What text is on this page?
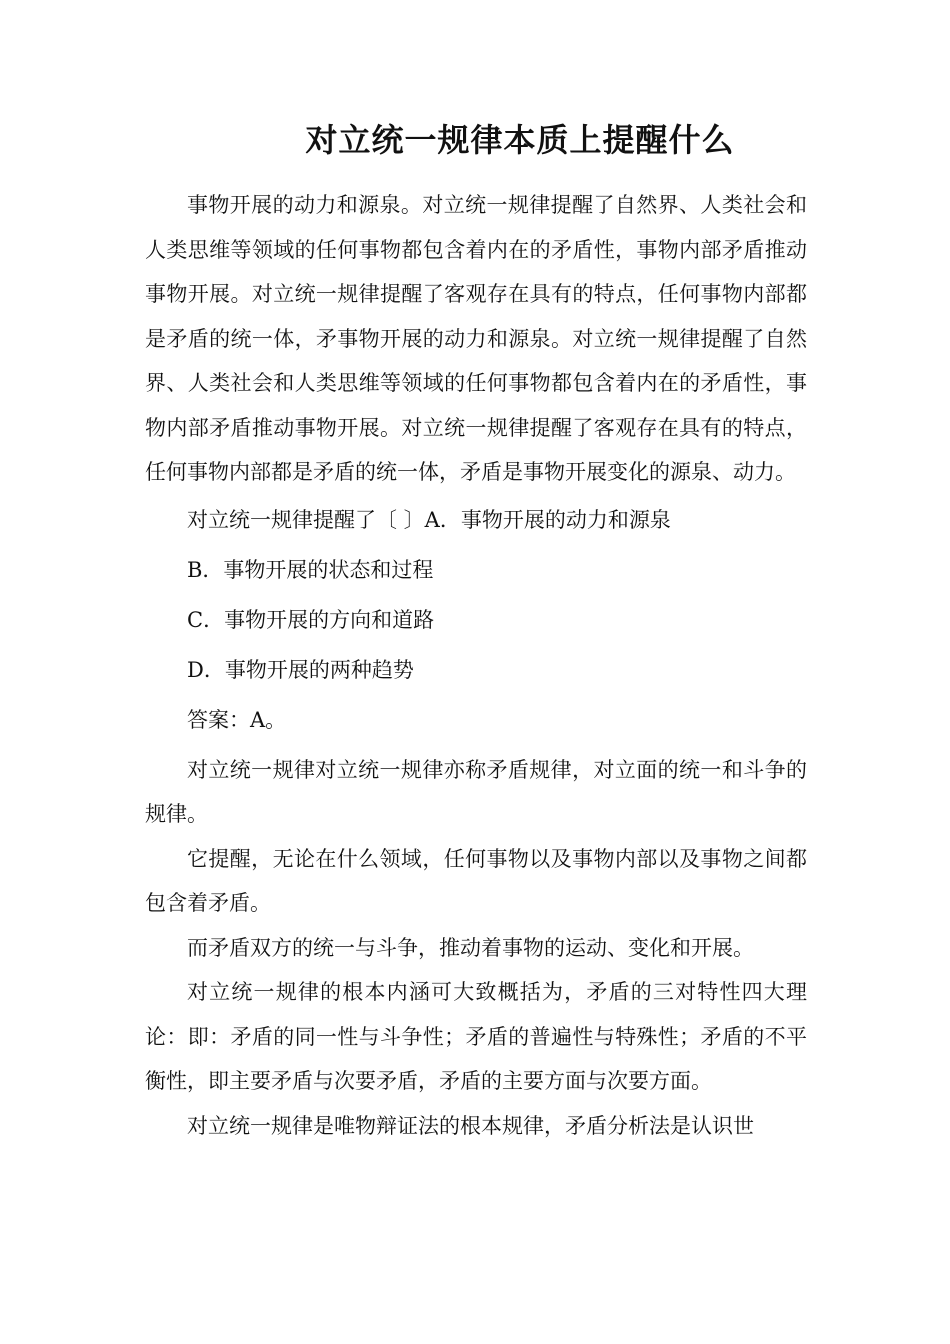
对立统一规律本质上提醒什么

事物开展的动力和源泉。对立统一规律提醒了自然界、人类社会和人类思维等领域的任何事物都包含着内在的矛盾性，事物内部矛盾推动事物开展。对立统一规律提醒了客观存在具有的特点，任何事物内部都是矛盾的统一体，矛事物开展的动力和源泉。对立统一规律提醒了自然界、人类社会和人类思维等领域的任何事物都包含着内在的矛盾性，事物内部矛盾推动事物开展。对立统一规律提醒了客观存在具有的特点，任何事物内部都是矛盾的统一体，矛盾是事物开展变化的源泉、动力。

对立统一规律提醒了〔 〕A．事物开展的动力和源泉

B．事物开展的状态和过程

C．事物开展的方向和道路

D．事物开展的两种趋势

答案：A。

对立统一规律对立统一规律亦称矛盾规律，对立面的统一和斗争的规律。

它提醒，无论在什么领域，任何事物以及事物内部以及事物之间都包含着矛盾。

而矛盾双方的统一与斗争，推动着事物的运动、变化和开展。

对立统一规律的根本内涵可大致概括为，矛盾的三对特性四大理论：即：矛盾的同一性与斗争性；矛盾的普遍性与特殊性；矛盾的不平衡性，即主要矛盾与次要矛盾，矛盾的主要方面与次要方面。

对立统一规律是唯物辩证法的根本规律，矛盾分析法是认识世
